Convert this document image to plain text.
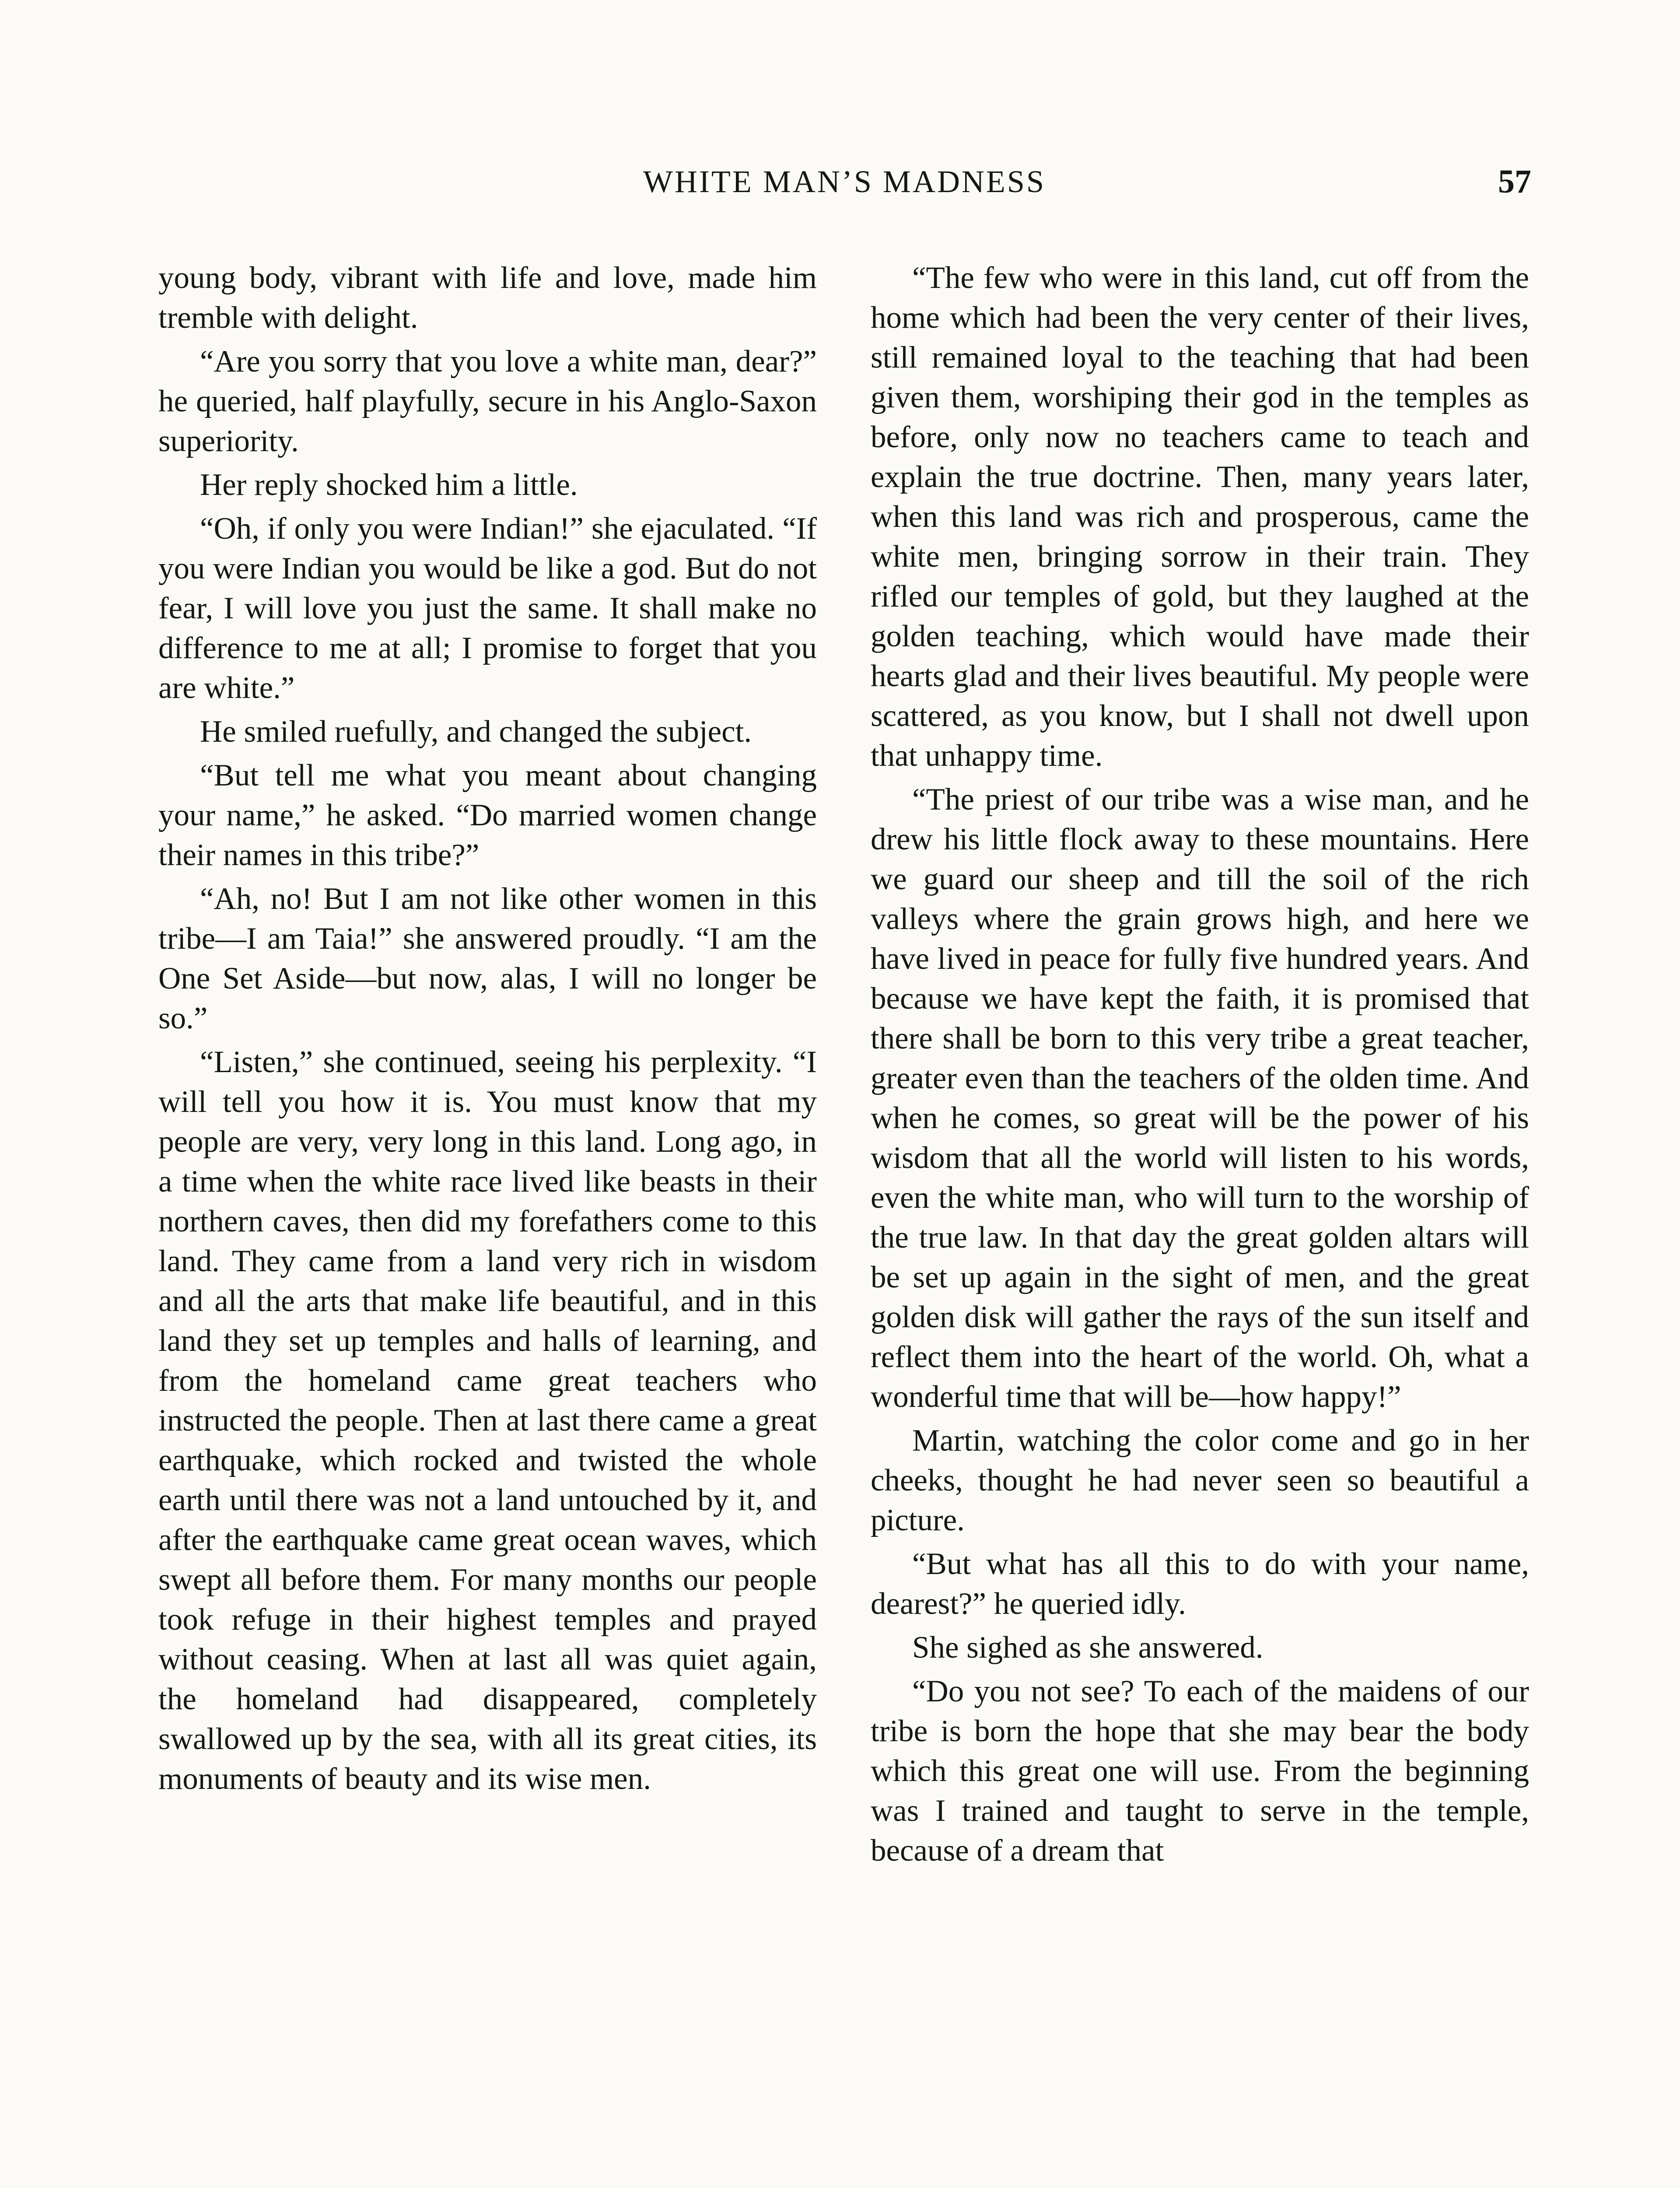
WHITE MAN’S MADNESS	57

young body, vibrant with life and love, made him tremble with delight.

“Are you sorry that you love a white man, dear?” he queried, half playfully, secure in his Anglo-Saxon superiority.

Her reply shocked him a little.

“Oh, if only you were Indian!” she ejaculated. “If you were Indian you would be like a god. But do not fear, I will love you just the same. It shall make no difference to me at all; I promise to forget that you are white.”

He smiled ruefully, and changed the subject.

“But tell me what you meant about changing your name,” he asked. “Do married women change their names in this tribe?”

“Ah, no! But I am not like other women in this tribe—I am Taia!” she answered proudly. “I am the One Set Aside—but now, alas, I will no longer be so.”

“Listen,” she continued, seeing his perplexity. “I will tell you how it is. You must know that my people are very, very long in this land. Long ago, in a time when the white race lived like beasts in their northern caves, then did my forefathers come to this land. They came from a land very rich in wisdom and all the arts that make life beautiful, and in this land they set up temples and halls of learning, and from the homeland came great teachers who instructed the people. Then at last there came a great earthquake, which rocked and twisted the whole earth until there was not a land untouched by it, and after the earthquake came great ocean waves, which swept all before them. For many months our people took refuge in their highest temples and prayed without ceasing. When at last all was quiet again, the homeland had disappeared, completely swallowed up by the sea, with all its great cities, its monuments of beauty and its wise men.

“The few who were in this land, cut off from the home which had been the very center of their lives, still remained loyal to the teaching that had been given them, worshiping their god in the temples as before, only now no teachers came to teach and explain the true doctrine. Then, many years later, when this land was rich and prosperous, came the white men, bringing sorrow in their train. They rifled our temples of gold, but they laughed at the golden teaching, which would have made their hearts glad and their lives beautiful. My people were scattered, as you know, but I shall not dwell upon that unhappy time.

“The priest of our tribe was a wise man, and he drew his little flock away to these mountains. Here we guard our sheep and till the soil of the rich valleys where the grain grows high, and here we have lived in peace for fully five hundred years. And because we have kept the faith, it is promised that there shall be born to this very tribe a great teacher, greater even than the teachers of the olden time. And when he comes, so great will be the power of his wisdom that all the world will listen to his words, even the white man, who will turn to the worship of the true law. In that day the great golden altars will be set up again in the sight of men, and the great golden disk will gather the rays of the sun itself and reflect them into the heart of the world. Oh, what a wonderful time that will be—how happy!”

Martin, watching the color come and go in her cheeks, thought he had never seen so beautiful a picture.

“But what has all this to do with your name, dearest?” he queried idly.

She sighed as she answered.

“Do you not see? To each of the maidens of our tribe is born the hope that she may bear the body which this great one will use. From the beginning was I trained and taught to serve in the temple, because of a dream that
